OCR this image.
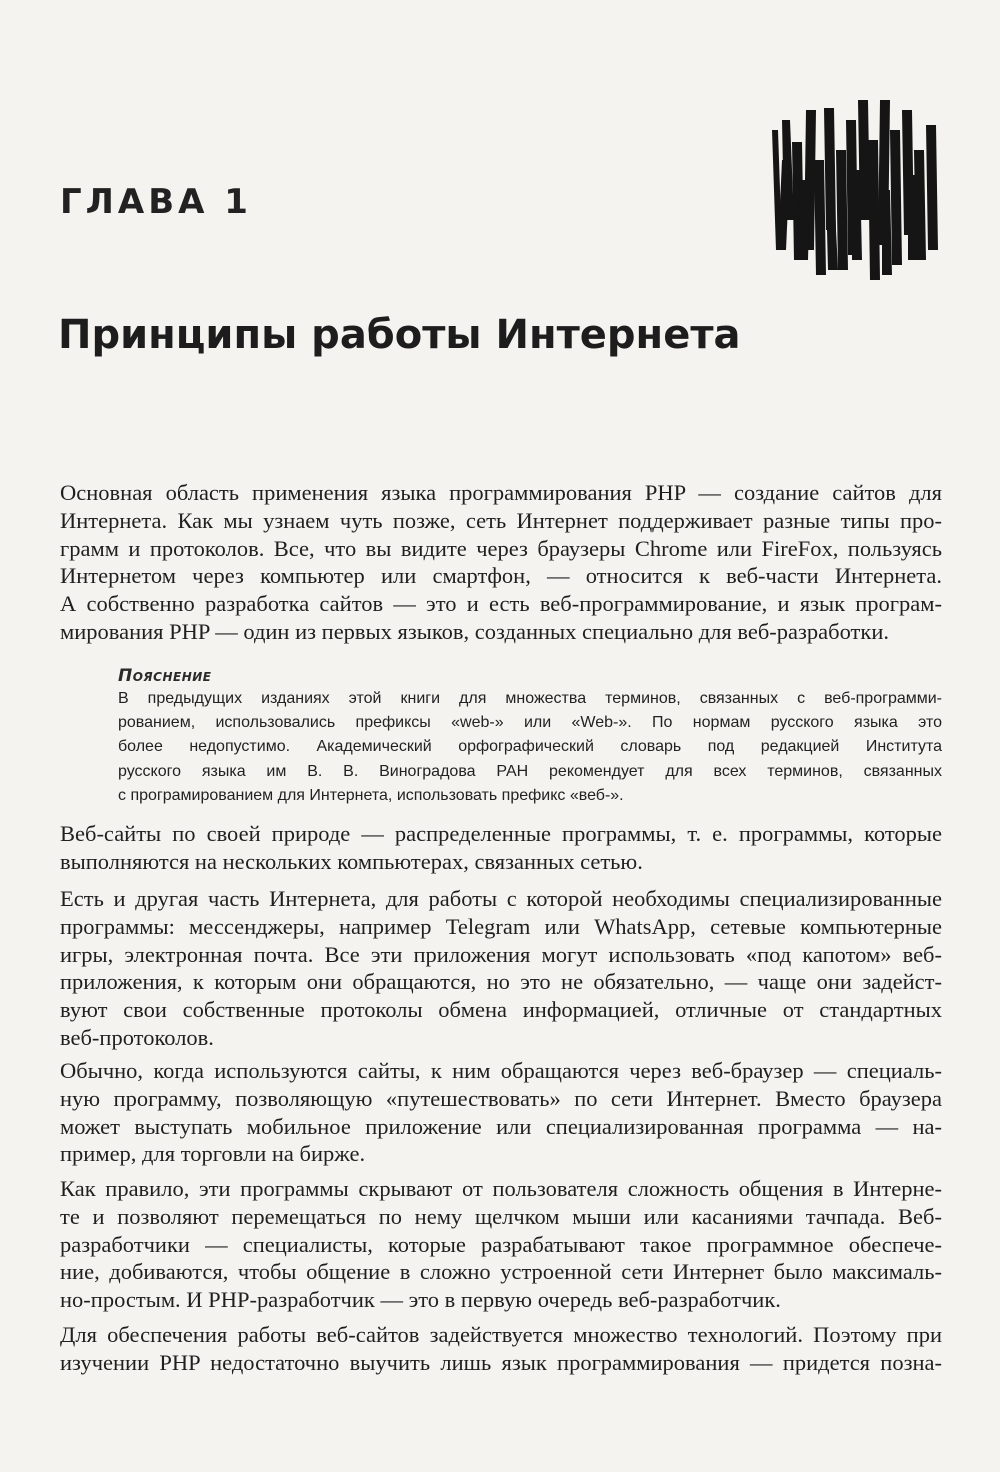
ГЛАВА 1
Принципы работы Интернета
Основная область применения языка программирования PHP — создание сайтов для
Интернета. Как мы узнаем чуть позже, сеть Интернет поддерживает разные типы про-
грамм и протоколов. Все, что вы видите через браузеры Chrome или FireFox, пользуясь
Интернетом через компьютер или смартфон, — относится к веб-части Интернета.
А собственно разработка сайтов — это и есть веб-программирование, и язык програм-
мирования PHP — один из первых языков, созданных специально для веб-разработки.
Веб-сайты по своей природе — распределенные программы, т. е. программы, которые
выполняются на нескольких компьютерах, связанных сетью.
Есть и другая часть Интернета, для работы с которой необходимы специализированные
программы: мессенджеры, например Telegram или WhatsApp, сетевые компьютерные
игры, электронная почта. Все эти приложения могут использовать «под капотом» веб-
приложения, к которым они обращаются, но это не обязательно, — чаще они задейст-
вуют свои собственные протоколы обмена информацией, отличные от стандартных
веб-протоколов.
Обычно, когда используются сайты, к ним обращаются через веб-браузер — специаль-
ную программу, позволяющую «путешествовать» по сети Интернет. Вместо браузера
может выступать мобильное приложение или специализированная программа — на-
пример, для торговли на бирже.
Как правило, эти программы скрывают от пользователя сложность общения в Интерне-
те и позволяют перемещаться по нему щелчком мыши или касаниями тачпада. Веб-
разработчики — специалисты, которые разрабатывают такое программное обеспече-
ние, добиваются, чтобы общение в сложно устроенной сети Интернет было максималь-
но-простым. И PHP-разработчик — это в первую очередь веб-разработчик.
Для обеспечения работы веб-сайтов задействуется множество технологий. Поэтому при
изучении PHP недостаточно выучить лишь язык программирования — придется позна-
Пояснение
В предыдущих изданиях этой книги для множества терминов, связанных с веб-программи-
рованием, использовались префиксы «web-» или «Web-». По нормам русского языка это
более недопустимо. Академический орфографический словарь под редакцией Института
русского языка им В. В. Виноградова РАН рекомендует для всех терминов, связанных
с програмированием для Интернета, использовать префикс «веб-».
